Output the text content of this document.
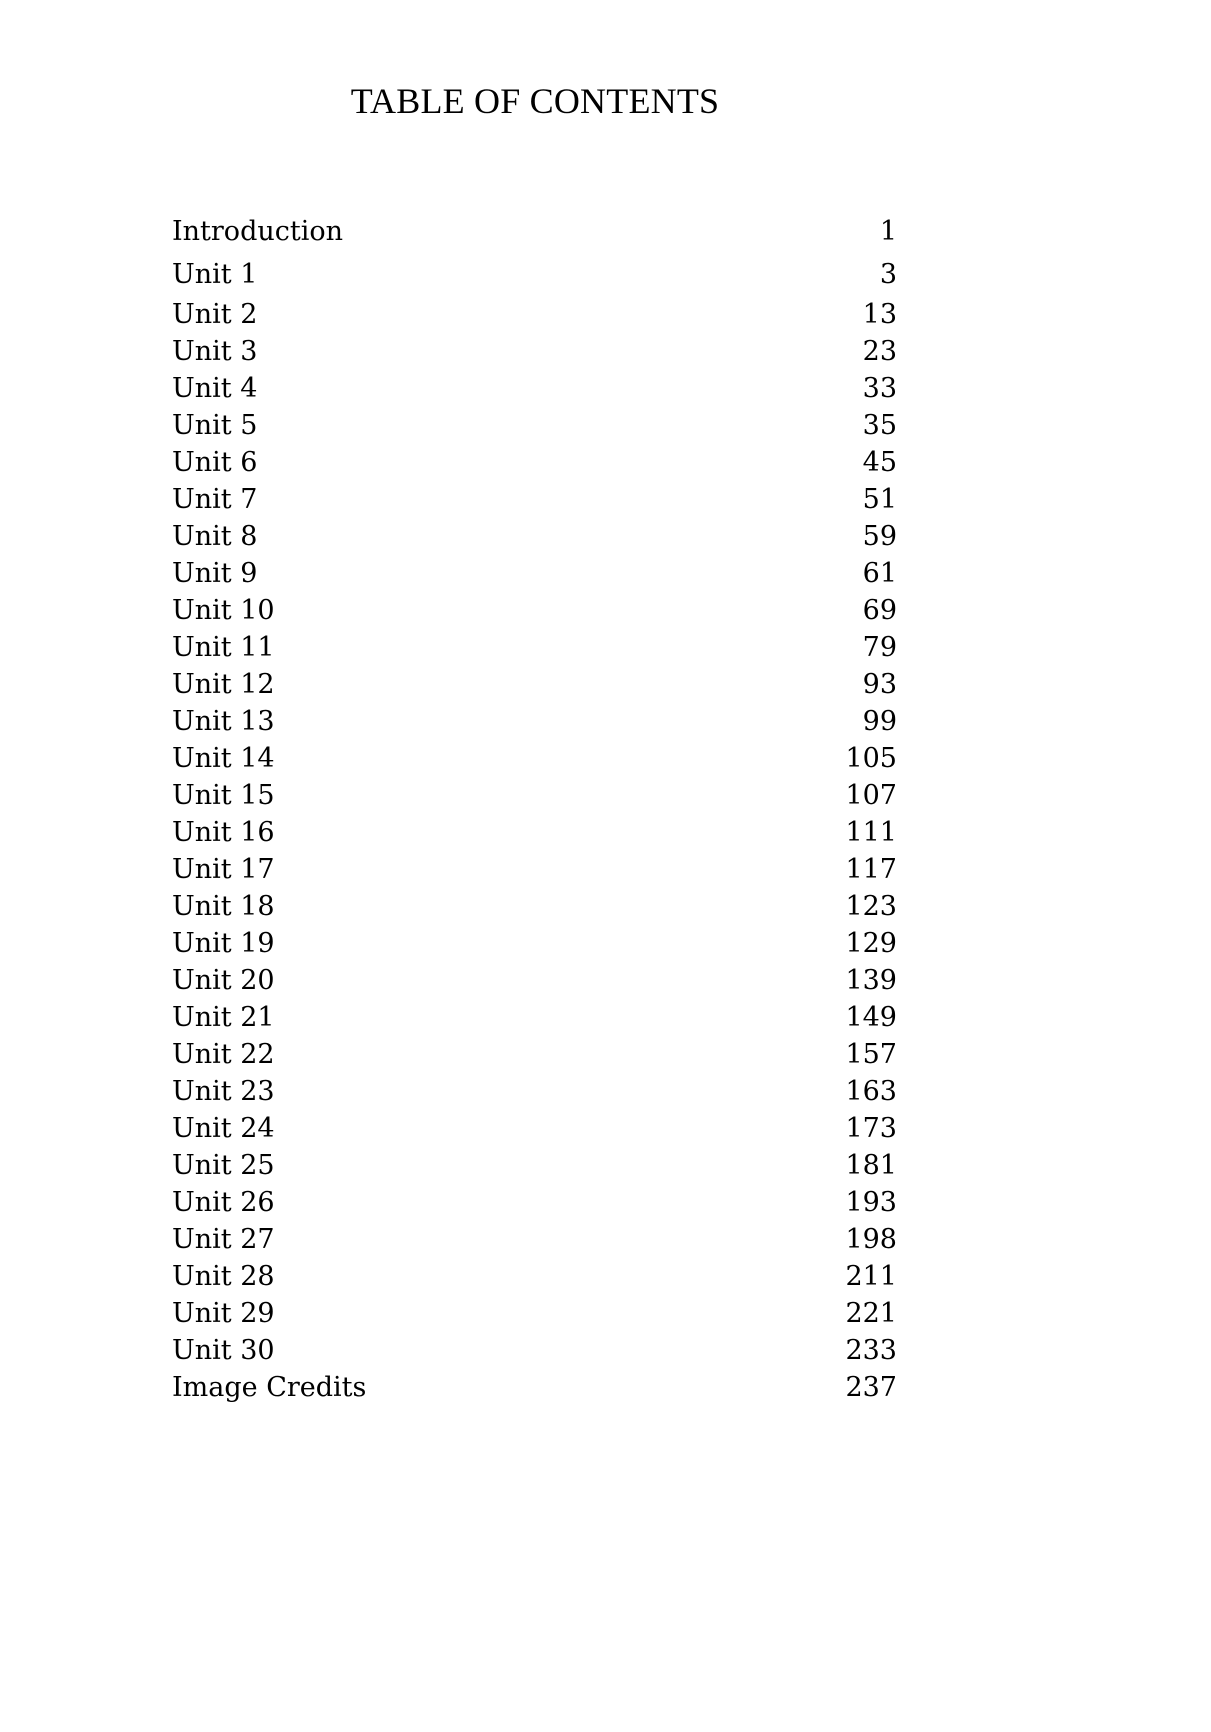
TABLE OF CONTENTS
Introduction	1
Unit 1	3
Unit 2	13
Unit 3	23
Unit 4	33
Unit 5	35
Unit 6	45
Unit 7	51
Unit 8	59
Unit 9	61
Unit 10	69
Unit 11	79
Unit 12	93
Unit 13	99
Unit 14	105
Unit 15	107
Unit 16	111
Unit 17	117
Unit 18	123
Unit 19	129
Unit 20	139
Unit 21	149
Unit 22	157
Unit 23	163
Unit 24	173
Unit 25	181
Unit 26	193
Unit 27	198
Unit 28	211
Unit 29	221
Unit 30	233
Image Credits	237
